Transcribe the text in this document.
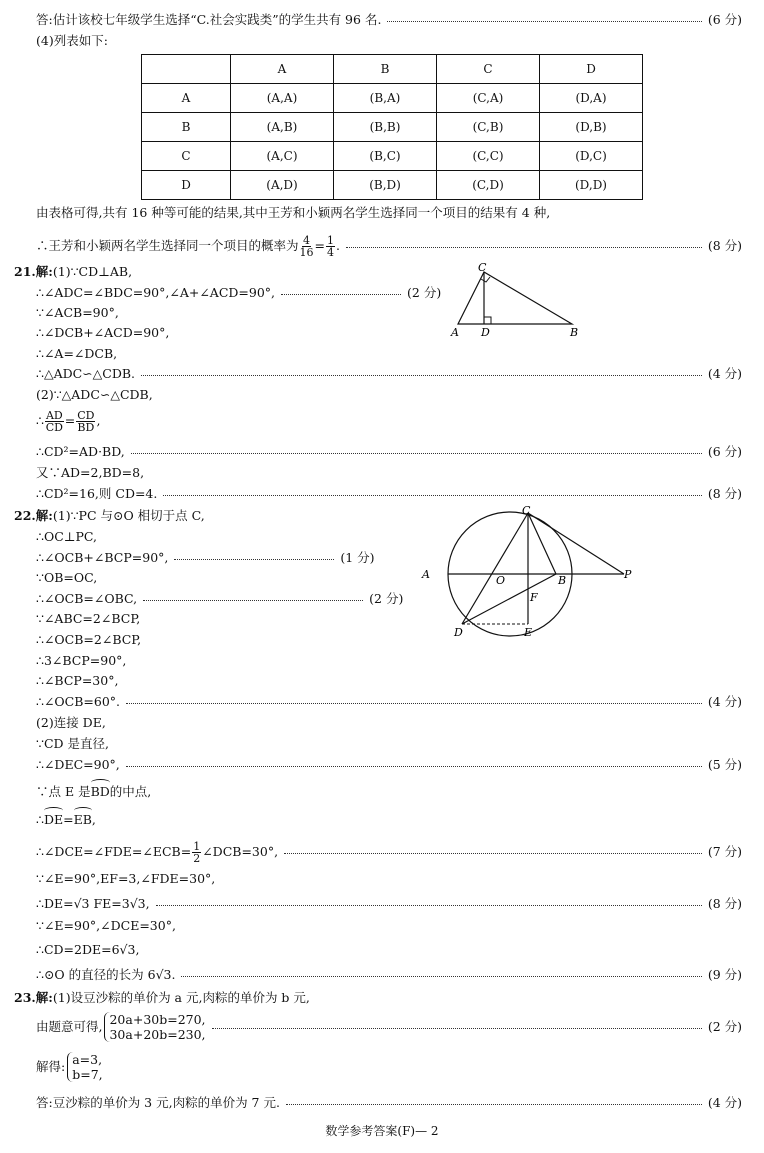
答:估计该校七年级学生选择“C.社会实践类”的学生共有 96 名.	(6 分)
(4)列表如下:
	A	B	C	D
A	(A,A)	(B,A)	(C,A)	(D,A)
B	(A,B)	(B,B)	(C,B)	(D,B)
C	(A,C)	(B,C)	(C,C)	(D,C)
D	(A,D)	(B,D)	(C,D)	(D,D)
由表格可得,共有 16 种等可能的结果,其中王芳和小颖两名学生选择同一个项目的结果有 4 种,
∴王芳和小颖两名学生选择同一个项目的概率为 $\frac{4}{16} = \frac{1}{4}$ .	(8 分)
21. 解: (1)∵CD⊥AB,
∴∠ADC=∠BDC=90°,∠A+∠ACD=90°,	(2 分)
∵∠ACB=90°,
∴∠DCB+∠ACD=90°,
∴∠A=∠DCB,
∴△ADC∽△CDB.	(4 分)
(2)∵△ADC∽△CDB,
∴ $\frac{AD}{CD} = \frac{CD}{BD}$ ,
∴CD²=AD·BD,	(6 分)
又∵AD=2,BD=8,
∴CD²=16,则 CD=4.	(8 分)
C
A D	B
22. 解: (1)∵PC 与⊙O 相切于点 C,
∴OC⊥PC,
∴∠OCB+∠BCP=90°,	(1 分)
∵OB=OC,
∴∠OCB=∠OBC,	(2 分)
∵∠ABC=2∠BCP,
∴∠OCB=2∠BCP,
∴3∠BCP=90°,
∴∠BCP=30°,
∴∠OCB=60°.	(4 分)
(2)连接 DE,
∵CD 是直径,
∴∠DEC=90°,	(5 分)
∵点 E 是 BD 的中点,
∴ DE = EB ,
∴∠DCE=∠FDE=∠ECB= $\frac{1}{2}$ ∠DCB=30°,	(7 分)
∵∠E=90°,EF=3,∠FDE=30°,
∴DE=√3 FE=3√3,	(8 分)
∵∠E=90°,∠DCE=30°,
∴CD=2DE=6√3,
∴⊙O 的直径的长为 6√3.	(9 分)
C
A	O	B	P
F
D	E
23. 解: (1)设豆沙粽的单价为 a 元,肉粽的单价为 b 元,
由题意可得, 20a+30b=270,
30a+20b=230,
(2 分)
解得: a=3,
b=7,
答:豆沙粽的单价为 3 元,肉粽的单价为 7 元.	(4 分)
数学参考答案(F)— 2
